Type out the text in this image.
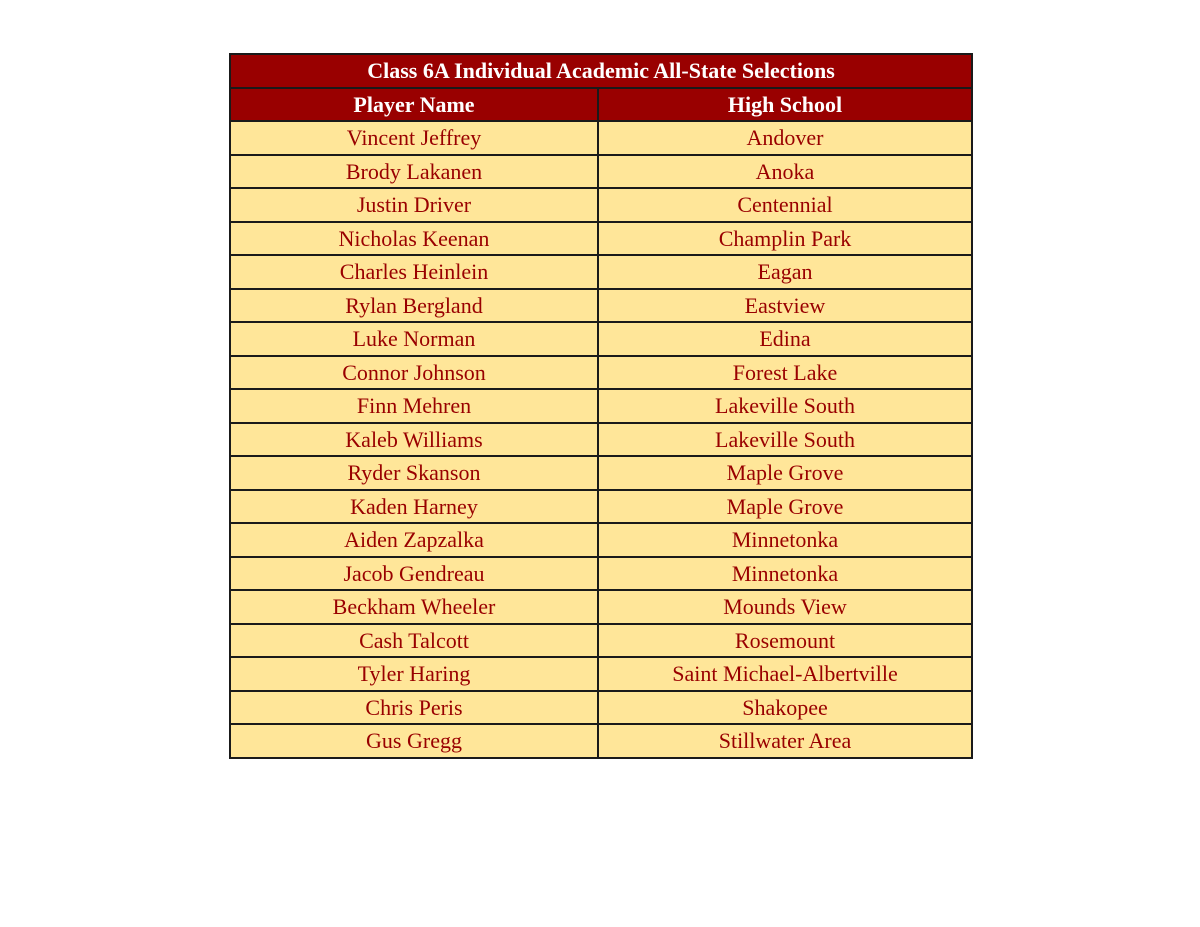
Class 6A Individual Academic All-State Selections	
Player Name	High School
Vincent Jeffrey	Andover
Brody Lakanen	Anoka
Justin Driver	Centennial
Nicholas Keenan	Champlin Park
Charles Heinlein	Eagan
Rylan Bergland	Eastview
Luke Norman	Edina
Connor Johnson	Forest Lake
Finn Mehren	Lakeville South
Kaleb Williams	Lakeville South
Ryder Skanson	Maple Grove
Kaden Harney	Maple Grove
Aiden Zapzalka	Minnetonka
Jacob Gendreau	Minnetonka
Beckham Wheeler	Mounds View
Cash Talcott	Rosemount
Tyler Haring	Saint Michael-Albertville
Chris Peris	Shakopee
Gus Gregg	Stillwater Area
